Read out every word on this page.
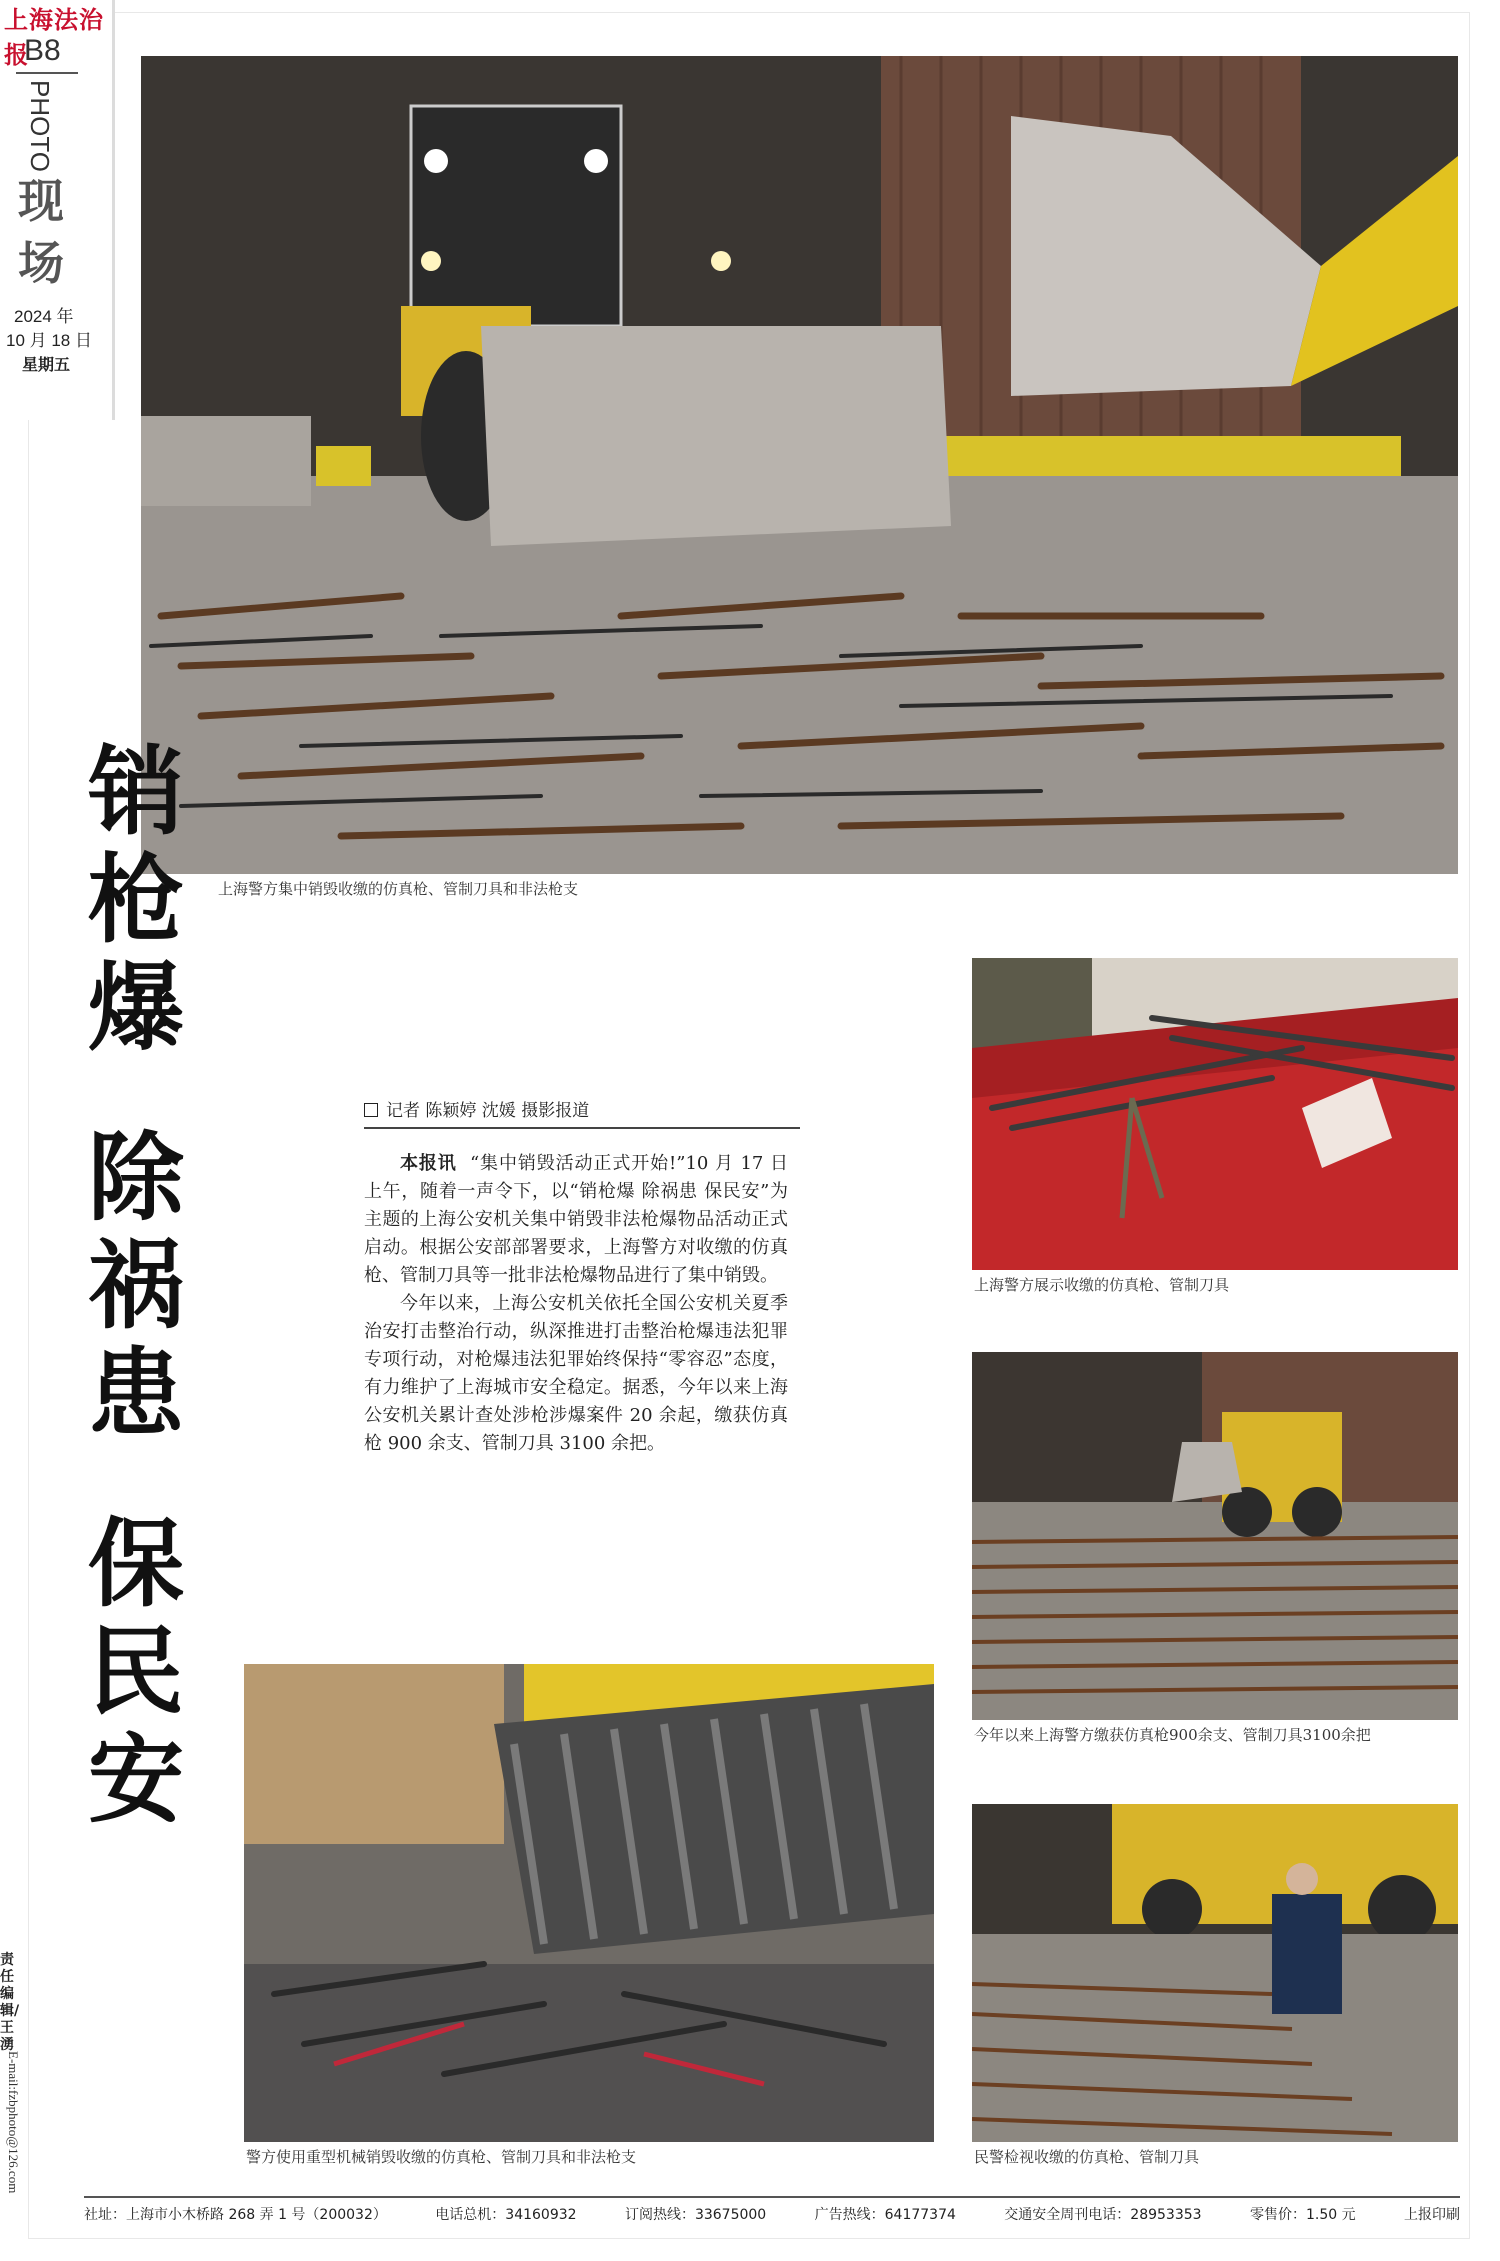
上海法治报
B8
PHOTO
现场
2024 年
10 月 18 日
星期五
上海警方集中销毁收缴的仿真枪、管制刀具和非法枪支
销枪爆
除祸患
保民安
记者 陈颖婷 沈媛 摄影报道

本报讯 “集中销毁活动正式开始!”10 月 17 日上午，随着一声令下，以“销枪爆 除祸患 保民安”为主题的上海公安机关集中销毁非法枪爆物品活动正式启动。根据公安部部署要求，上海警方对收缴的仿真枪、管制刀具等一批非法枪爆物品进行了集中销毁。

今年以来，上海公安机关依托全国公安机关夏季治安打击整治行动，纵深推进打击整治枪爆违法犯罪专项行动，对枪爆违法犯罪始终保持“零容忍”态度，有力维护了上海城市安全稳定。据悉，今年以来上海公安机关累计查处涉枪涉爆案件 20 余起，缴获仿真枪 900 余支、管制刀具 3100 余把。

上海警方展示收缴的仿真枪、管制刀具
今年以来上海警方缴获仿真枪900余支、管制刀具3100余把
警方使用重型机械销毁收缴的仿真枪、管制刀具和非法枪支	民警检视收缴的仿真枪、管制刀具
责任编辑/王湧
E-mail:fzbphoto@126.com
社址：上海市小木桥路 268 弄 1 号（200032）	电话总机：34160932	订阅热线：33675000	广告热线：64177374	交通安全周刊电话：28953353	零售价：1.50 元	上报印刷
